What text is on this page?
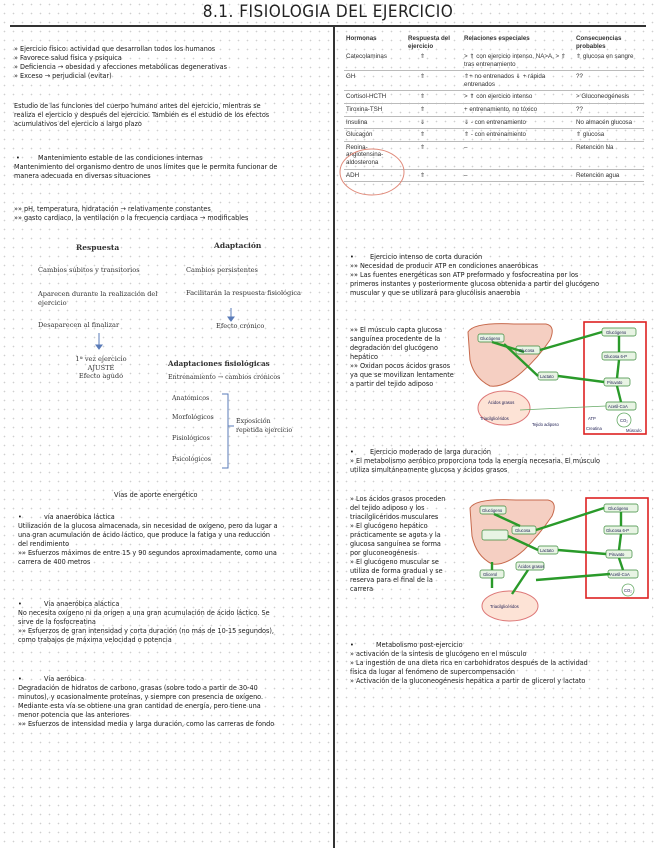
8.1. FISIOLOGIA DEL EJERCICIO
» Ejercicio físico: actividad que desarrollan todos los humanos
» Favorece salud física y psíquica
» Deficiencia → obesidad y afecciones metabólicas degenerativas
» Exceso → perjudicial (evitar)
Estudio de las funciones del cuerpo humano antes del ejercicio, mientras se
realiza el ejercicio y después del ejercicio. También es el estudio de los efectos
acumulativos del ejercicio a largo plazo
•	Mantenimiento estable de las condiciones internas
Mantenimiento del organismo dentro de unos límites que le permita funcionar de
manera adecuada en diversas situaciones
»» pH, temperatura, hidratación → relativamente constantes
»» gasto cardiaco, la ventilación o la frecuencia cardiaca → modificables
Respuesta	Adaptación
Cambios súbitos y transitorios
Aparecen durante la realización del
ejercicio
Desaparecen al finalizar
Cambios persistentes
Facilitarán la respuesta fisiológica
Efecto crónico
1ª vez ejercicio
AJUSTE
Efecto agudo
Adaptaciones fisiológicas
Entrenamiento → cambios crónicos
Anatómicos
Morfológicos
Fisiológicos
Psicológicos
Exposición
repetida ejercicio
Vías de aporte energético
•	vía anaeróbica láctica
Utilización de la glucosa almacenada, sin necesidad de oxígeno, pero da lugar a
una gran acumulación de ácido láctico, que produce la fatiga y una reducción
del rendimiento
»» Esfuerzos máximos de entre 15 y 90 segundos aproximadamente, como una
carrera de 400 metros
•	Vía anaeróbica aláctica
No necesita oxígeno ni da origen a una gran acumulación de ácido láctico. Se
sirve de la fosfocreatina
»» Esfuerzos de gran intensidad y corta duración (no más de 10-15 segundos),
como trabajos de máxima velocidad o potencia
•	Vía aeróbica
Degradación de hidratos de carbono, grasas (sobre todo a partir de 30-40
minutos), y ocasionalmente proteínas, y siempre con presencia de oxígeno.
Mediante esta vía se obtiene una gran cantidad de energía, pero tiene una
menor potencia que las anteriores
»» Esfuerzos de intensidad media y larga duración, como las carreras de fondo
Hormonas	Respuesta del ejercicio	Relaciones especiales	Consecuencias probables
Catecolaminas	⇑	> ⇑ con ejercicio intenso, NA>A, > ⇑ tras entrenamiento	⇑ glucosa en sangre
GH	⇑	⇑+ no entrenados ⇓ + rápida entrenados	??
Cortisol-HCTH	⇑	> ⇑ con ejercicio intenso	> Gluconeogénesis
Tiroxina-TSH	⇑	+ entrenamiento, no tóxico	??
Insulina	⇓	⇓ - con entrenamiento	No almacén glucosa
Glucagón	⇑	⇑ - con entrenamiento	⇑ glucosa
Renina-angiotensina-aldosterona	⇑	–	Retención Na
ADH	⇑	–	Retención agua
• Ejercicio intenso de corta duración
»» Necesidad de producir ATP en condiciones anaeróbicas
»» Las fuentes energéticas son ATP preformado y fosfocreatina por los
primeros instantes y posteriormente glucosa obtenida a partir del glucógeno
muscular y que se utilizará para glucólisis anaerobia
»» El músculo capta glucosa
sanguínea procedente de la
degradación del glucógeno
hepático
»» Oxidan pocos ácidos grasos
ya que se movilizan lentamente
a partir del tejido adiposo
Glucógeno
Glucosa
Lactato
Glucógeno
Glucosa 6-P
Piruvato
Acetil-CoA
CO₂
Ácidos grasos
Triacilglicéridos
Tejido adiposo
Músculo
ATP
Creatina
• Ejercicio moderado de larga duración
» El metabolismo aeróbico proporciona toda la energía necesaria. El músculo
utiliza simultáneamente glucosa y ácidos grasos
» Los ácidos grasos proceden
del tejido adiposo y los
triacilglicéridos musculares
» El glucógeno hepático
prácticamente se agota y la
glucosa sanguínea se forma
por gluconeogénesis
» El glucógeno muscular se
utiliza de forma gradual y se
reserva para el final de la
carrera
Glucógeno
Glucosa
Lactato
Glucógeno
Glucosa 6-P
Piruvato
Acetil-CoA
CO₂
Glicerol
Ácidos grasos
Triacilglicéridos
•	Metabolismo post-ejercicio
» activación de la síntesis de glucógeno en el músculo
» La ingestión de una dieta rica en carbohidratos después de la actividad
física da lugar al fenómeno de supercompensación
» Activación de la gluconeogénesis hepática a partir de glicerol y lactato
